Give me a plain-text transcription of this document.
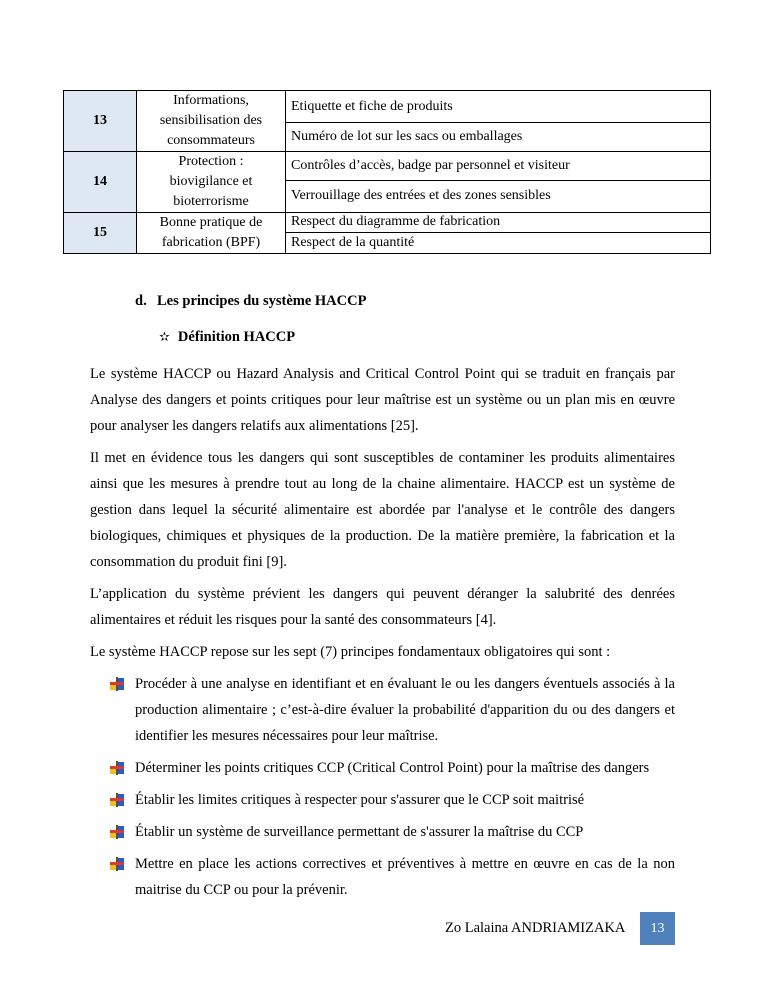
13	Informations,
sensibilisation des
consommateurs	Etiquette et fiche de produits
		Numéro de lot sur les sacs ou emballages
14	Protection :
biovigilance et
bioterrorisme	Contrôles d’accès, badge par personnel et visiteur
		Verrouillage des entrées et des zones sensibles
15	Bonne pratique de
fabrication (BPF)	Respect du diagramme de fabrication
		Respect de la quantité
d. Les principes du système HACCP
✫ Définition HACCP

Le système HACCP ou Hazard Analysis and Critical Control Point qui se traduit en français par Analyse des dangers et points critiques pour leur maîtrise est un système ou un plan mis en œuvre pour analyser les dangers relatifs aux alimentations [25].

Il met en évidence tous les dangers qui sont susceptibles de contaminer les produits alimentaires ainsi que les mesures à prendre tout au long de la chaine alimentaire. HACCP est un système de gestion dans lequel la sécurité alimentaire est abordée par l'analyse et le contrôle des dangers biologiques, chimiques et physiques de la production. De la matière première, la fabrication et la consommation du produit fini [9].

L’application du système prévient les dangers qui peuvent déranger la salubrité des denrées alimentaires et réduit les risques pour la santé des consommateurs [4].

Le système HACCP repose sur les sept (7) principes fondamentaux obligatoires qui sont :

Procéder à une analyse en identifiant et en évaluant le ou les dangers éventuels associés à la production alimentaire ; c’est-à-dire évaluer la probabilité d'apparition du ou des dangers et identifier les mesures nécessaires pour leur maîtrise.
Déterminer les points critiques CCP (Critical Control Point) pour la maîtrise des dangers
Établir les limites critiques à respecter pour s'assurer que le CCP soit maitrisé
Établir un système de surveillance permettant de s'assurer la maîtrise du CCP
Mettre en place les actions correctives et préventives à mettre en œuvre en cas de la non maitrise du CCP ou pour la prévenir.
Zo Lalaina ANDRIAMIZAKA	13
